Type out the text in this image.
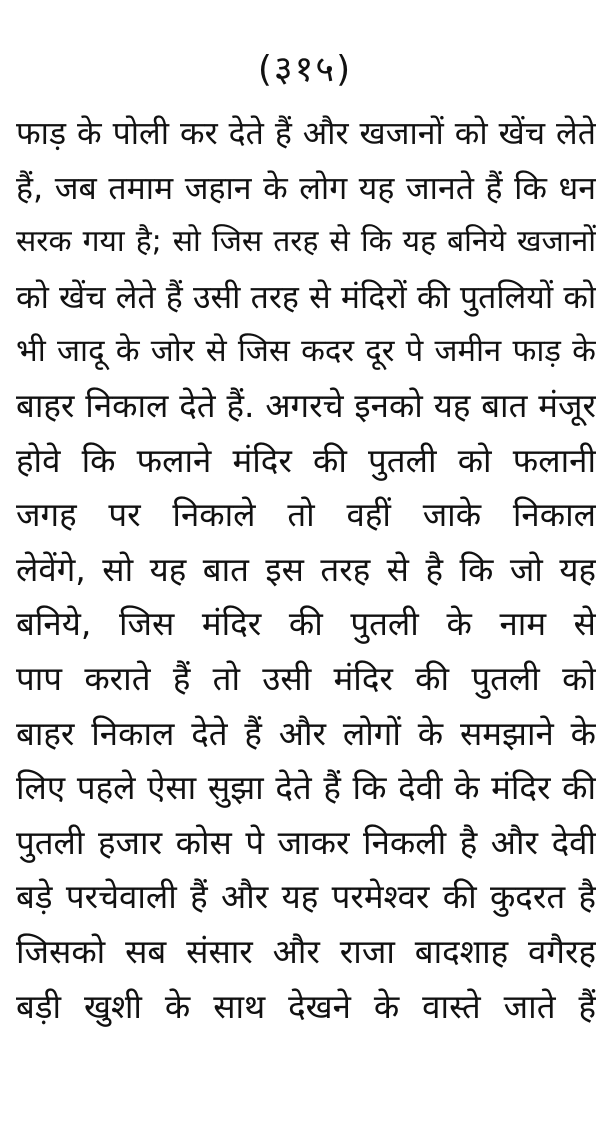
(३१५)
फाड़ के पोली कर देते हैं और खजानों को खेंच लेते
हैं, जब तमाम जहान के लोग यह जानते हैं कि धन
सरक गया है; सो जिस तरह से कि यह बनिये खजानों
को खेंच लेते हैं उसी तरह से मंदिरों की पुतलियों को
भी जादू के जोर से जिस कदर दूर पे जमीन फाड़ के
बाहर निकाल देते हैं. अगरचे इनको यह बात मंजूर
होवे कि फलाने मंदिर की पुतली को फलानी
जगह पर निकाले तो वहीं जाके निकाल
लेवेंगे, सो यह बात इस तरह से है कि जो यह
बनिये, जिस मंदिर की पुतली के नाम से
पाप कराते हैं तो उसी मंदिर की पुतली को
बाहर निकाल देते हैं और लोगों के समझाने के
लिए पहले ऐसा सुझा देते हैं कि देवी के मंदिर की
पुतली हजार कोस पे जाकर निकली है और देवी
बड़े परचेवाली हैं और यह परमेश्वर की कुदरत है
जिसको सब संसार और राजा बादशाह वगैरह
बड़ी खुशी के साथ देखने के वास्ते जाते हैं
